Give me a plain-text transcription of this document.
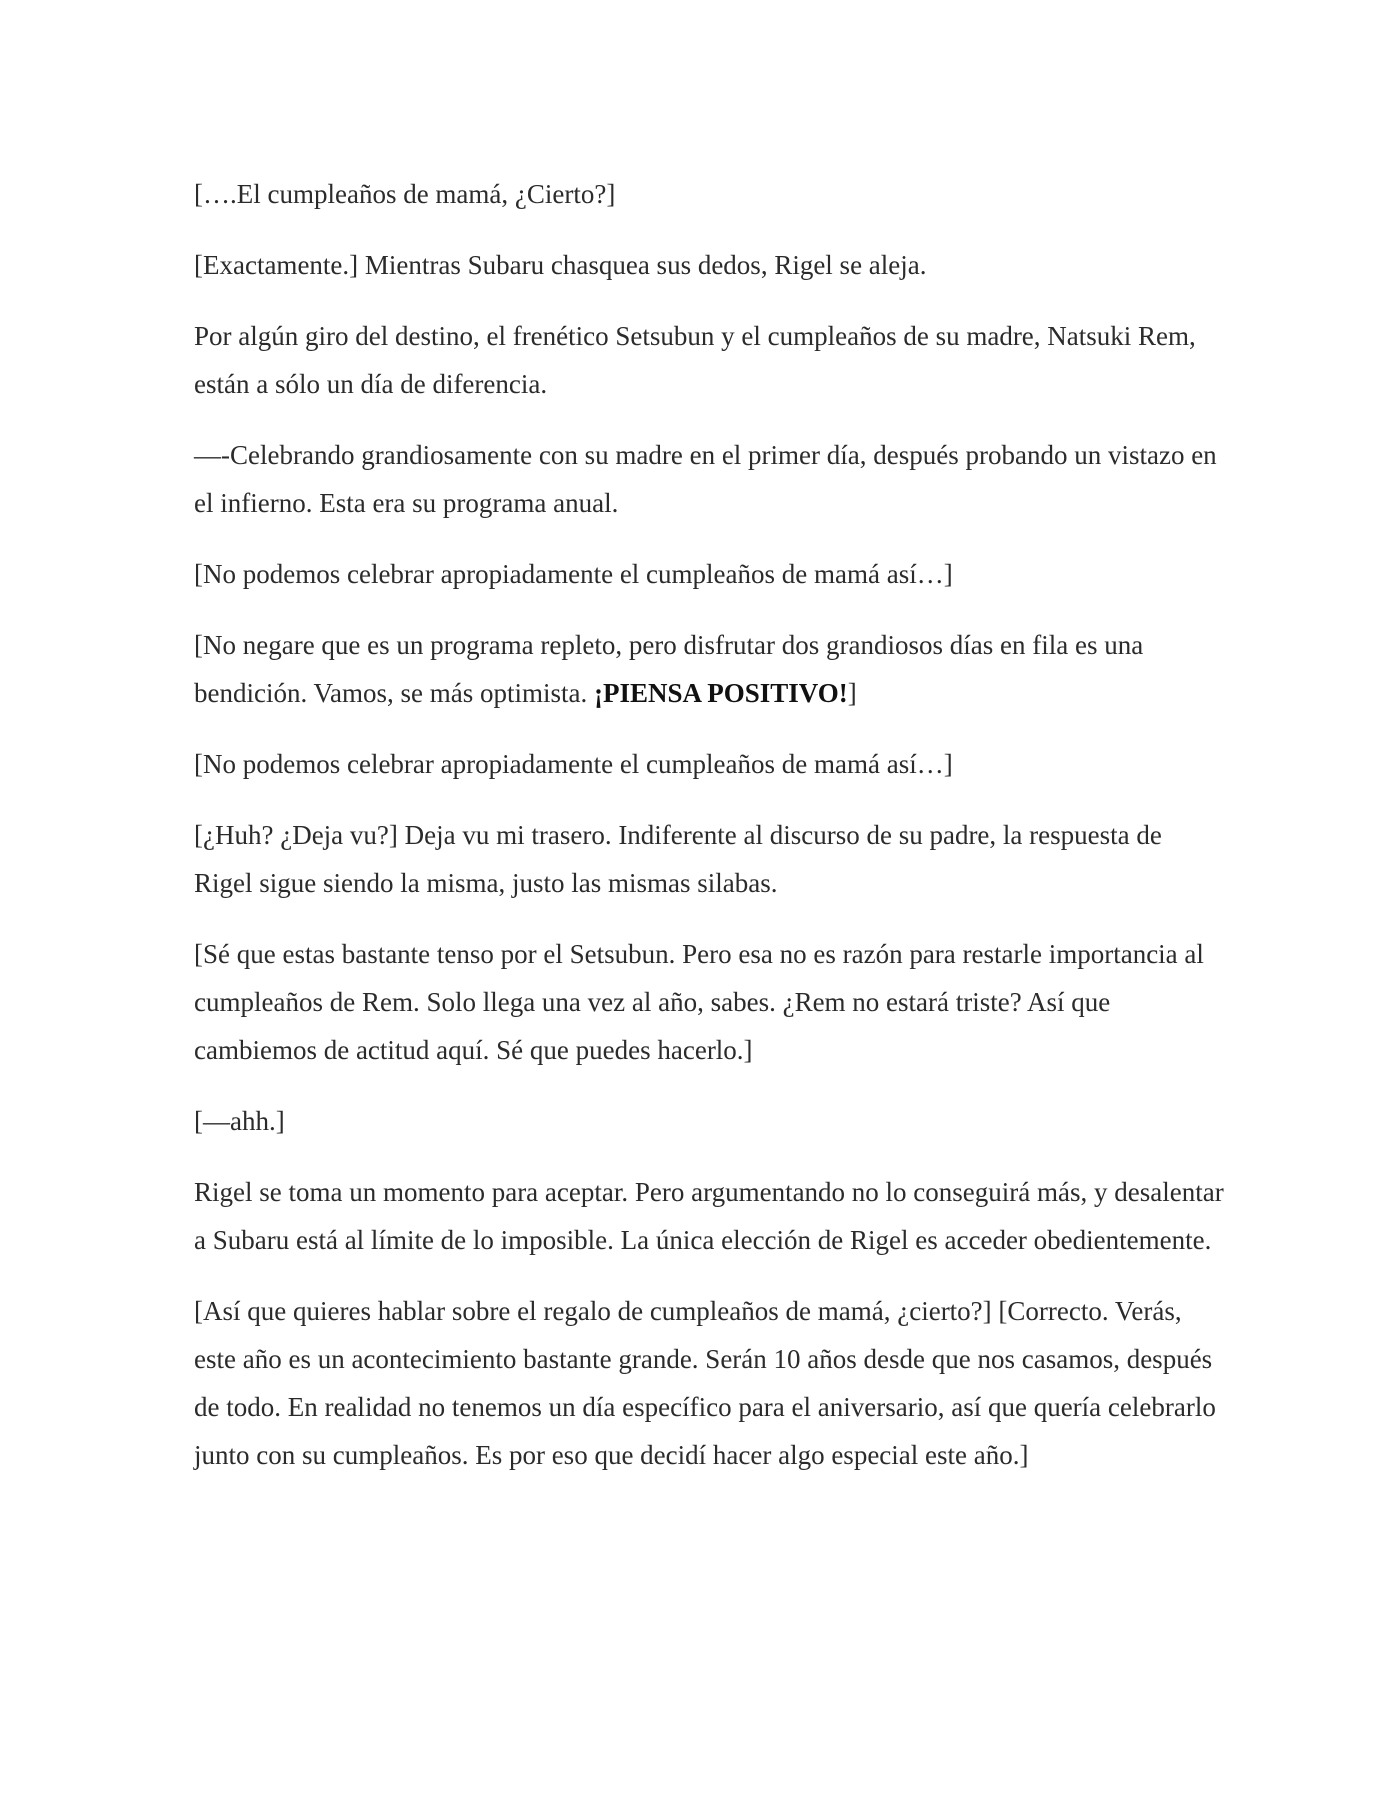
[….El cumpleaños de mamá, ¿Cierto?]

[Exactamente.] Mientras Subaru chasquea sus dedos, Rigel se aleja.

Por algún giro del destino, el frenético Setsubun y el cumpleaños de su madre, Natsuki Rem, están a sólo un día de diferencia.

—-Celebrando grandiosamente con su madre en el primer día, después probando un vistazo en el infierno. Esta era su programa anual.

[No podemos celebrar apropiadamente el cumpleaños de mamá así…]

[No negare que es un programa repleto, pero disfrutar dos grandiosos días en fila es una bendición. Vamos, se más optimista. ¡PIENSA POSITIVO!]

[No podemos celebrar apropiadamente el cumpleaños de mamá así…]

[¿Huh? ¿Deja vu?] Deja vu mi trasero. Indiferente al discurso de su padre, la respuesta de Rigel sigue siendo la misma, justo las mismas silabas.

[Sé que estas bastante tenso por el Setsubun. Pero esa no es razón para restarle importancia al cumpleaños de Rem. Solo llega una vez al año, sabes. ¿Rem no estará triste? Así que cambiemos de actitud aquí. Sé que puedes hacerlo.]

[—ahh.]

Rigel se toma un momento para aceptar. Pero argumentando no lo conseguirá más, y desalentar a Subaru está al límite de lo imposible. La única elección de Rigel es acceder obedientemente.

[Así que quieres hablar sobre el regalo de cumpleaños de mamá, ¿cierto?] [Correcto. Verás, este año es un acontecimiento bastante grande. Serán 10 años desde que nos casamos, después de todo. En realidad no tenemos un día específico para el aniversario, así que quería celebrarlo junto con su cumpleaños. Es por eso que decidí hacer algo especial este año.]
